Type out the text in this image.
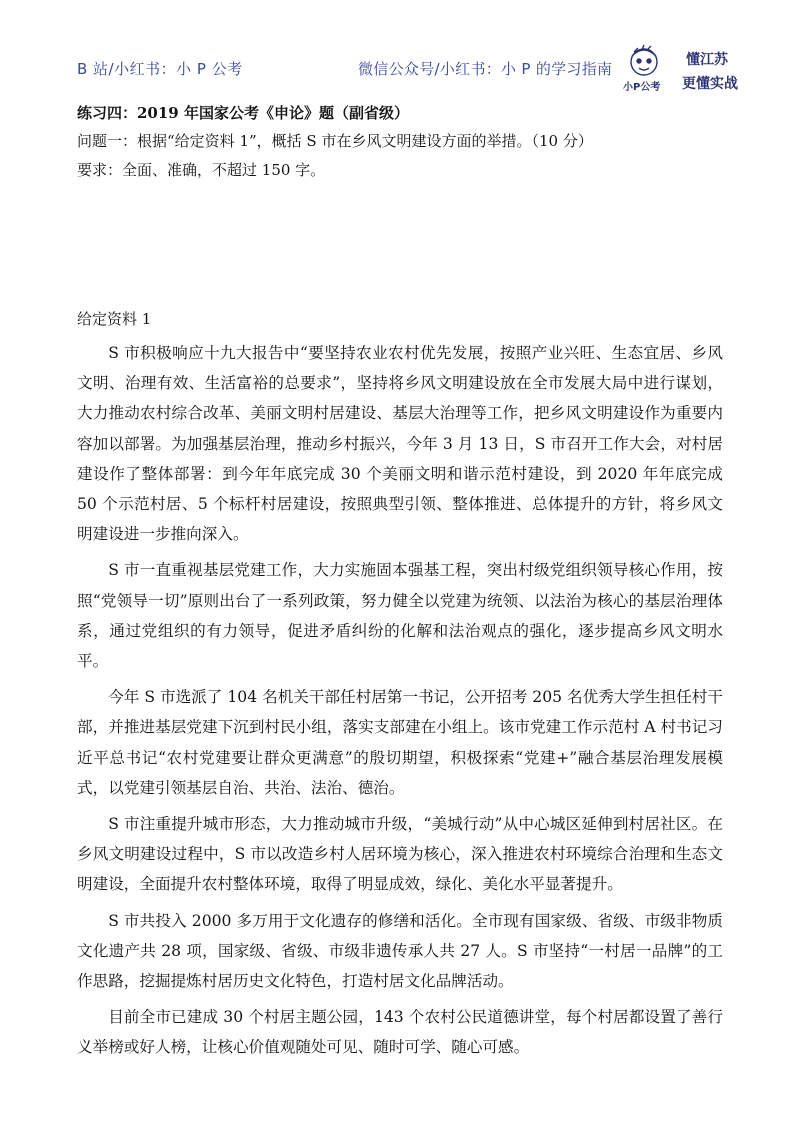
B 站/小红书：小 P 公考	微信公众号/小红书：小 P 的学习指南
小P公考
懂江苏
更懂实战
练习四：2019 年国家公考《申论》题（副省级）
问题一：根据“给定资料 1”，概括 S 市在乡风文明建设方面的举措。（10 分）
要求：全面、准确，不超过 150 字。
给定资料 1

S 市积极响应十九大报告中“要坚持农业农村优先发展，按照产业兴旺、生态宜居、乡风文明、治理有效、生活富裕的总要求”，坚持将乡风文明建设放在全市发展大局中进行谋划，大力推动农村综合改革、美丽文明村居建设、基层大治理等工作，把乡风文明建设作为重要内容加以部署。为加强基层治理，推动乡村振兴，今年 3 月 13 日，S 市召开工作大会，对村居建设作了整体部署：到今年年底完成 30 个美丽文明和谐示范村建设，到 2020 年年底完成 50 个示范村居、5 个标杆村居建设，按照典型引领、整体推进、总体提升的方针，将乡风文明建设进一步推向深入。

S 市一直重视基层党建工作，大力实施固本强基工程，突出村级党组织领导核心作用，按照“党领导一切”原则出台了一系列政策，努力健全以党建为统领、以法治为核心的基层治理体系，通过党组织的有力领导，促进矛盾纠纷的化解和法治观点的强化，逐步提高乡风文明水平。

今年 S 市选派了 104 名机关干部任村居第一书记，公开招考 205 名优秀大学生担任村干部，并推进基层党建下沉到村民小组，落实支部建在小组上。该市党建工作示范村 A 村书记习近平总书记“农村党建要让群众更满意”的殷切期望，积极探索“党建+”融合基层治理发展模式，以党建引领基层自治、共治、法治、德治。

S 市注重提升城市形态，大力推动城市升级，“美城行动”从中心城区延伸到村居社区。在乡风文明建设过程中，S 市以改造乡村人居环境为核心，深入推进农村环境综合治理和生态文明建设，全面提升农村整体环境，取得了明显成效，绿化、美化水平显著提升。

S 市共投入 2000 多万用于文化遗存的修缮和活化。全市现有国家级、省级、市级非物质文化遗产共 28 项，国家级、省级、市级非遗传承人共 27 人。S 市坚持“一村居一品牌”的工作思路，挖掘提炼村居历史文化特色，打造村居文化品牌活动。

目前全市已建成 30 个村居主题公园，143 个农村公民道德讲堂，每个村居都设置了善行义举榜或好人榜，让核心价值观随处可见、随时可学、随心可感。
